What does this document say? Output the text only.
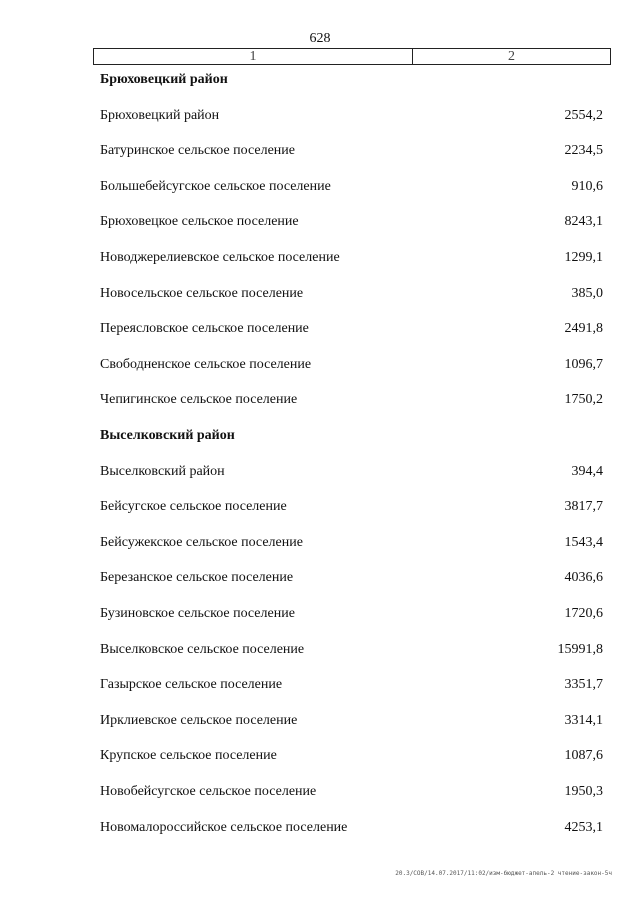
628
1	2
Брюховецкий район
Брюховецкий район	2554,2
Батуринское сельское поселение	2234,5
Большебейсугское сельское поселение	910,6
Брюховецкое сельское поселение	8243,1
Новоджерелиевское сельское поселение	1299,1
Новосельское сельское поселение	385,0
Переясловское сельское поселение	2491,8
Свободненское сельское поселение	1096,7
Чепигинское сельское поселение	1750,2
Выселковский район
Выселковский район	394,4
Бейсугское сельское поселение	3817,7
Бейсужекское сельское поселение	1543,4
Березанское сельское поселение	4036,6
Бузиновское сельское поселение	1720,6
Выселковское сельское поселение	15991,8
Газырское сельское поселение	3351,7
Ирклиевское сельское поселение	3314,1
Крупское сельское поселение	1087,6
Новобейсугское сельское поселение	1950,3
Новомалороссийское сельское поселение	4253,1
20.3/СОВ/14.07.2017/11:02/изм-бюджет-апель-2 чтение-закон-5ч
